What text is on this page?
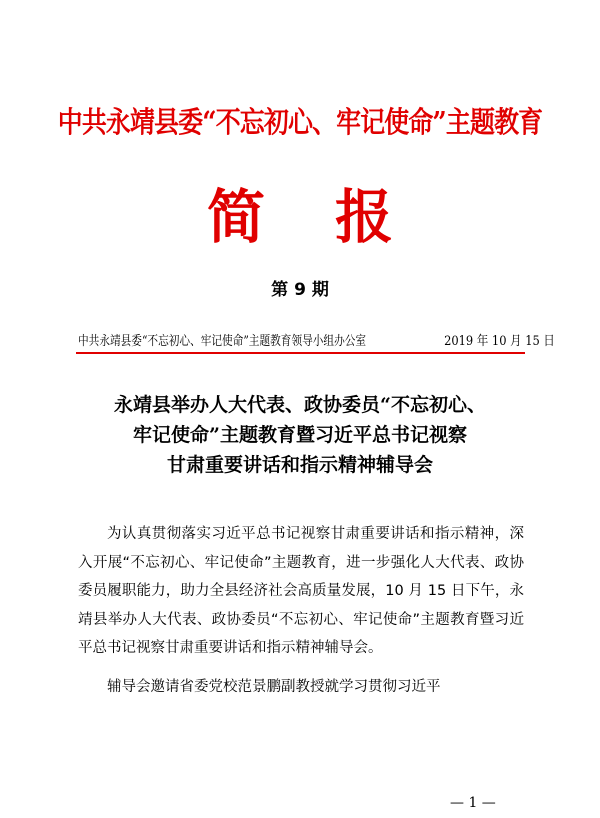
中共永靖县委“不忘初心、牢记使命”主题教育
简报
第 9 期
中共永靖县委“不忘初心、牢记使命”主题教育领导小组办公室	2019 年 10 月 15 日
永靖县举办人大代表、政协委员“不忘初心、
牢记使命”主题教育暨习近平总书记视察
甘肃重要讲话和指示精神辅导会

为认真贯彻落实习近平总书记视察甘肃重要讲话和指示精神，深入开展“不忘初心、牢记使命”主题教育，进一步强化人大代表、政协委员履职能力，助力全县经济社会高质量发展，10 月 15 日下午，永靖县举办人大代表、政协委员“不忘初心、牢记使命”主题教育暨习近平总书记视察甘肃重要讲话和指示精神辅导会。

辅导会邀请省委党校范景鹏副教授就学习贯彻习近平

— 1 —
